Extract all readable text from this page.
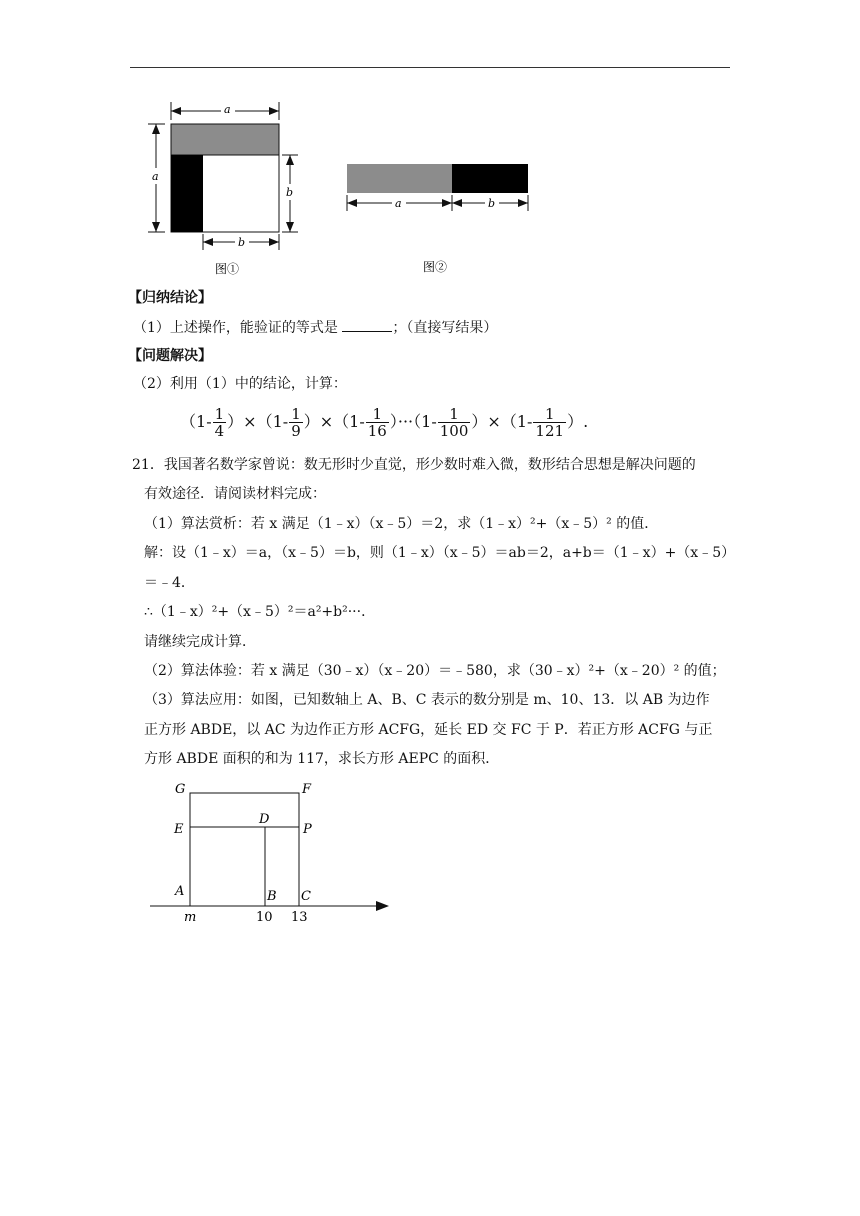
a
a
b
b
图①
a	b
图②
【归纳结论】
（1）上述操作，能验证的等式是	；（直接写结果）
【问题解决】
（2）利用（1）中的结论，计算：
$(1- \frac{1}{4} )\times(1- \frac{1}{9} )\times(1- \frac{1}{16} )\cdot\cdot\cdot(1- \frac{1}{100} )\times(1- \frac{1}{121}$ ）.
21．我国著名数学家曾说：数无形时少直觉，形少数时难入微，数形结合思想是解决问题的
有效途径．请阅读材料完成：
（1）算法赏析：若 x 满足（1﹣x）（x﹣5）＝2，求（1﹣x）²+（x﹣5）² 的值．
解：设（1﹣x）＝a，（x﹣5）＝b，则（1﹣x）（x﹣5）＝ab＝2，a+b＝（1﹣x）+（x﹣5）
＝﹣4．
∴（1﹣x）²+（x﹣5）²＝a²+b²···．
请继续完成计算．
（2）算法体验：若 x 满足（30﹣x）（x﹣20）＝﹣580，求（30﹣x）²+（x﹣20）² 的值；
（3）算法应用：如图，已知数轴上 A、B、C 表示的数分别是 m、10、13．以 AB 为边作
正方形 ABDE，以 AC 为边作正方形 ACFG，延长 ED 交 FC 于 P．若正方形 ACFG 与正
方形 ABDE 面积的和为 117，求长方形 AEPC 的面积．
G	F
E
D
P
A	B C
m	10 13
